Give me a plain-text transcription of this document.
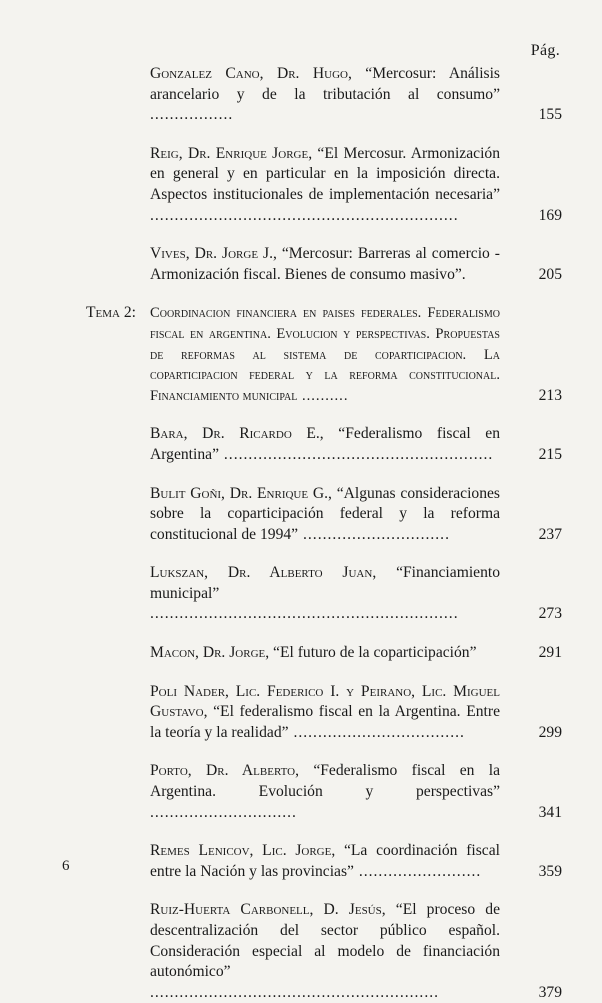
Pág.
Gonzalez Cano, Dr. Hugo, “Mercosur: Análisis arancelario y de la tributación al consumo” .................	155
Reig, Dr. Enrique Jorge, “El Mercosur. Armonización en general y en particular en la imposición directa. Aspectos institucionales de implementación necesaria” ...............................................................	169
Vives, Dr. Jorge J., “Mercosur: Barreras al comercio - Armonización fiscal. Bienes de consumo masivo”.	205
Tema 2: Coordinacion financiera en paises federales. Federalismo fiscal en argentina. Evolucion y perspectivas. Propuestas de reformas al sistema de coparticipacion. La coparticipacion federal y la reforma constitucional. Financiamiento municipal ..........	213
Bara, Dr. Ricardo E., “Federalismo fiscal en Argentina” .......................................................	215
Bulit Goñi, Dr. Enrique G., “Algunas consideraciones sobre la coparticipación federal y la reforma constitucional de 1994” ..............................	237
Lukszan, Dr. Alberto Juan, “Financiamiento municipal” ...............................................................	273
Macon, Dr. Jorge, “El futuro de la coparticipación”	291
Poli Nader, Lic. Federico I. y Peirano, Lic. Miguel Gustavo, “El federalismo fiscal en la Argentina. Entre la teoría y la realidad” ...................................	299
Porto, Dr. Alberto, “Federalismo fiscal en la Argentina. Evolución y perspectivas” ..............................	341
Remes Lenicov, Lic. Jorge, “La coordinación fiscal entre la Nación y las provincias” .........................	359
Ruiz-Huerta Carbonell, D. Jesús, “El proceso de descentralización del sector público español. Consideración especial al modelo de financiación autonómico” ...........................................................	379
6
